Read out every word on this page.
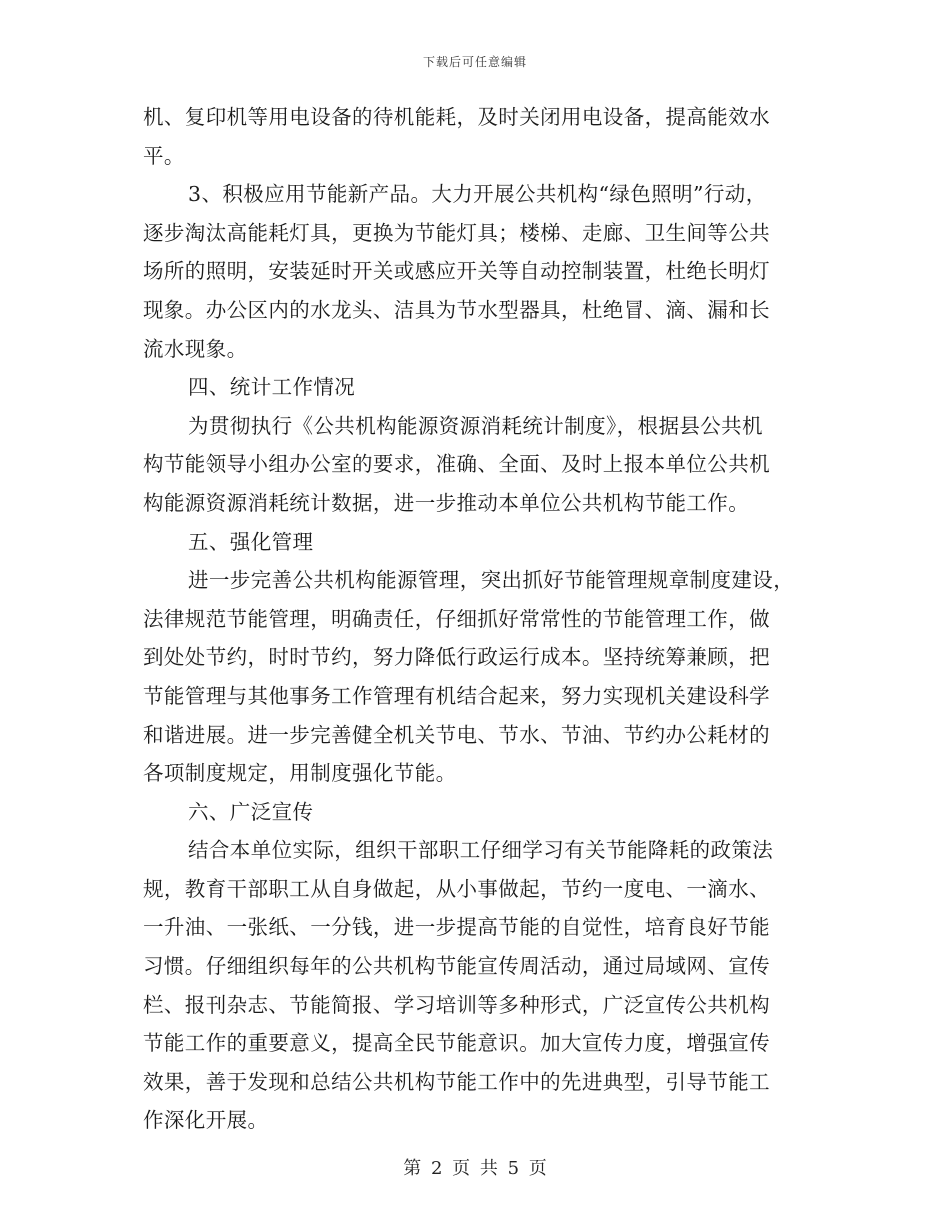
下载后可任意编辑
机、复印机等用电设备的待机能耗，及时关闭用电设备，提高能效水
平。
3、积极应用节能新产品。大力开展公共机构“绿色照明”行动，
逐步淘汰高能耗灯具，更换为节能灯具；楼梯、走廊、卫生间等公共
场所的照明，安装延时开关或感应开关等自动控制装置，杜绝长明灯
现象。办公区内的水龙头、洁具为节水型器具，杜绝冒、滴、漏和长
流水现象。
四、统计工作情况
为贯彻执行《公共机构能源资源消耗统计制度》，根据县公共机
构节能领导小组办公室的要求，准确、全面、及时上报本单位公共机
构能源资源消耗统计数据，进一步推动本单位公共机构节能工作。
五、强化管理
进一步完善公共机构能源管理，突出抓好节能管理规章制度建设，
法律规范节能管理，明确责任，仔细抓好常常性的节能管理工作，做
到处处节约，时时节约，努力降低行政运行成本。坚持统筹兼顾，把
节能管理与其他事务工作管理有机结合起来，努力实现机关建设科学
和谐进展。进一步完善健全机关节电、节水、节油、节约办公耗材的
各项制度规定，用制度强化节能。
六、广泛宣传
结合本单位实际，组织干部职工仔细学习有关节能降耗的政策法
规，教育干部职工从自身做起，从小事做起，节约一度电、一滴水、
一升油、一张纸、一分钱，进一步提高节能的自觉性，培育良好节能
习惯。仔细组织每年的公共机构节能宣传周活动，通过局域网、宣传
栏、报刊杂志、节能简报、学习培训等多种形式，广泛宣传公共机构
节能工作的重要意义，提高全民节能意识。加大宣传力度，增强宣传
效果，善于发现和总结公共机构节能工作中的先进典型，引导节能工
作深化开展。
第 2 页 共 5 页
